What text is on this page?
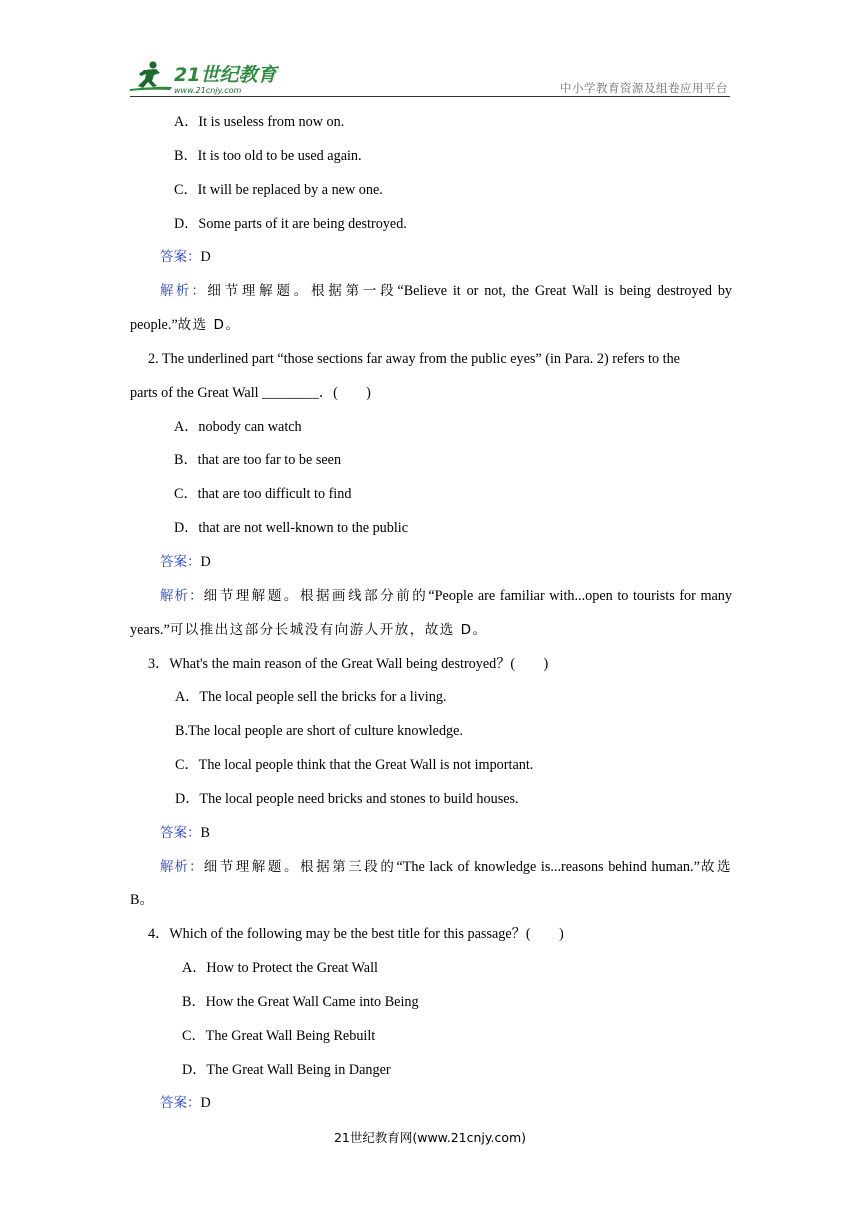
21世纪教育
www.21cnjy.com	中小学教育资源及组卷应用平台
A．It is useless from now on.
B．It is too old to be used again.
C．It will be replaced by a new one.
D．Some parts of it are being destroyed.
答案：D
解析：细节理解题。根据第一段“Believe it or not, the Great Wall is being destroyed by
people.”故选 D。
2. The underlined part “those sections far away from the public eyes” (in Para. 2) refers to the
parts of the Great Wall ________．(　　)
A．nobody can watch
B．that are too far to be seen
C．that are too difficult to find
D．that are not well-known to the public
答案：D
解析：细节理解题。根据画线部分前的“People are familiar with...open to tourists for many
years.”可以推出这部分长城没有向游人开放，故选 D。
3．What's the main reason of the Great Wall being destroyed？(　　)
A．The local people sell the bricks for a living.
B.The local people are short of culture knowledge.
C．The local people think that the Great Wall is not important.
D．The local people need bricks and stones to build houses.
答案：B
解析：细节理解题。根据第三段的“The lack of knowledge is...reasons behind human.”故选
B。
4．Which of the following may be the best title for this passage？(　　)
A．How to Protect the Great Wall
B．How the Great Wall Came into Being
C．The Great Wall Being Rebuilt
D．The Great Wall Being in Danger
答案：D
21世纪教育网(www.21cnjy.com)
